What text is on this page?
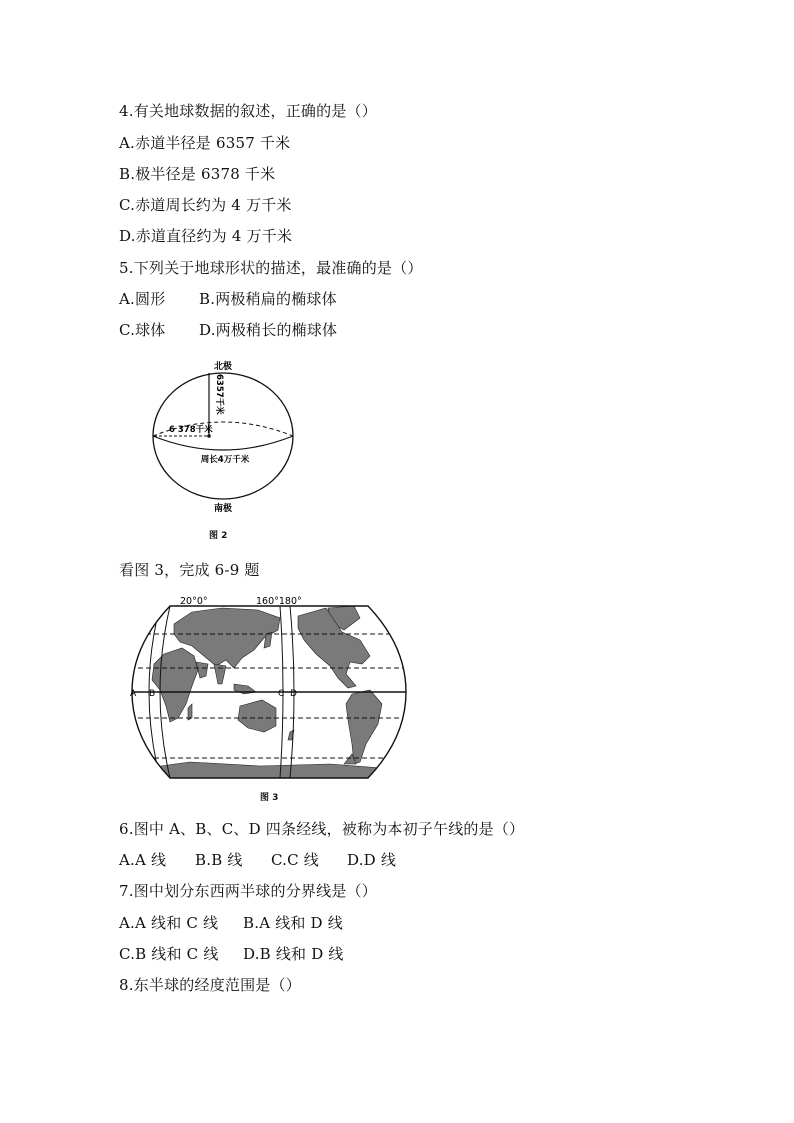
4.有关地球数据的叙述，正确的是（）
A.赤道半径是 6357 千米
B.极半径是 6378 千米
C.赤道周长约为 4 万千米
D.赤道直径约为 4 万千米
5.下列关于地球形状的描述，最准确的是（）
A.圆形 B.两极稍扁的椭球体
C.球体 D.两极稍长的椭球体
北极
6357千米
6 378千米
周长4万千米
南极
图 2
看图 3，完成 6-9 题
20°0°	160°180°
A B	C D
图 3
6.图中 A、B、C、D 四条经线，被称为本初子午线的是（）
A.A 线 B.B 线 C.C 线 D.D 线
7.图中划分东西两半球的分界线是（）
A.A 线和 C 线 B.A 线和 D 线
C.B 线和 C 线 D.B 线和 D 线
8.东半球的经度范围是（）
